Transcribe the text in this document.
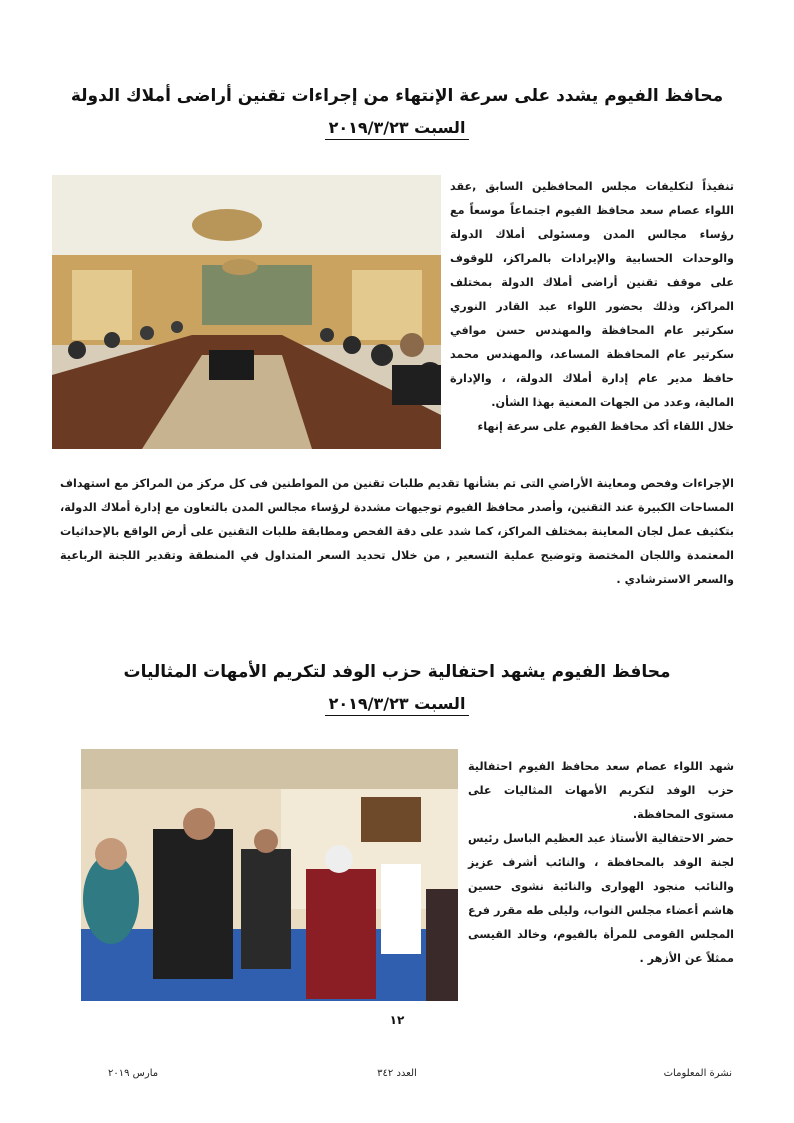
محافظ الفيوم يشدد على سرعة الإنتهاء من إجراءات تقنين أراضى أملاك الدولة
السبت ٢٠١٩/٣/٢٣

تنفيذاً لتكليفات مجلس المحافظين السابق ,عقد اللواء عصام سعد محافظ الفيوم اجتماعاً موسعاً مع رؤساء مجالس المدن ومسئولى أملاك الدولة والوحدات الحسابية والإيرادات بالمراكز، للوقوف على موقف تقنين أراضى أملاك الدولة بمختلف المراكز، وذلك بحضور اللواء عبد القادر النوري سكرتير عام المحافظة والمهندس حسن موافي سكرتير عام المحافظة المساعد، والمهندس محمد حافظ مدير عام إدارة أملاك الدولة، ، والإدارة المالية، وعدد من الجهات المعنية بهذا الشأن.

خلال اللقاء أكد محافظ الفيوم على سرعة إنهاء

الإجراءات وفحص ومعاينة الأراضي التى تم بشأنها تقديم طلبات تقنين من المواطنين فى كل مركز من المراكز مع استهداف المساحات الكبيرة عند التقنين، وأصدر محافظ الفيوم توجيهات مشددة لرؤساء مجالس المدن بالتعاون مع إدارة أملاك الدولة، بتكثيف عمل لجان المعاينة بمختلف المراكز، كما شدد على دقة الفحص ومطابقة طلبات التقنين على أرض الواقع بالإحداثيات المعتمدة واللجان المختصة وتوضيح عملية التسعير , من خلال تحديد السعر المتداول في المنطقة وتقدير اللجنة الرباعية والسعر الاسترشادي .

محافظ الفيوم يشهد احتفالية حزب الوفد لتكريم الأمهات المثاليات
السبت ٢٠١٩/٣/٢٣

شهد اللواء عصام سعد محافظ الفيوم احتفالية حزب الوفد لتكريم الأمهات المثاليات على مستوى المحافظة.

حضر الاحتفالية الأستاذ عبد العظيم الباسل رئيس لجنة الوفد بالمحافظة ، والنائب أشرف عزيز والنائب منجود الهوارى والنائبة نشوى حسين هاشم أعضاء مجلس النواب، وليلى طه مقرر فرع المجلس القومى للمرأة بالفيوم، وخالد القيسى ممثلاً عن الأزهر .

١٢
نشرة المعلومات
العدد ٣٤٢
مارس ٢٠١٩
